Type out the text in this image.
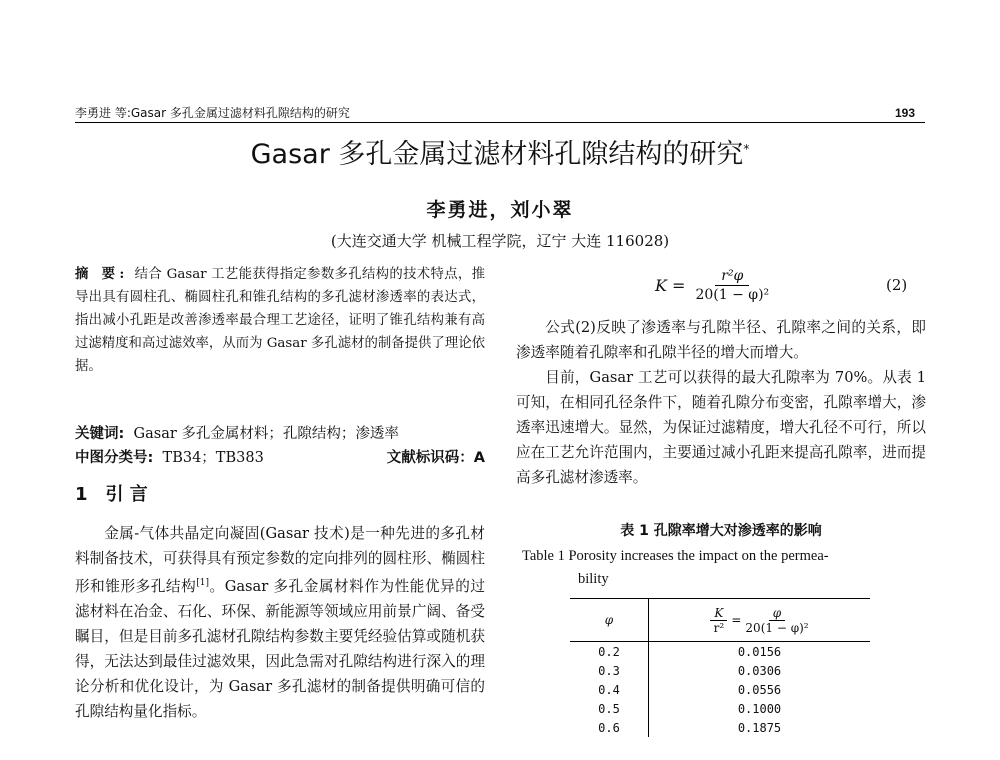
李勇进 等:Gasar 多孔金属过滤材料孔隙结构的研究	193
Gasar 多孔金属过滤材料孔隙结构的研究*
李勇进，刘小翠
(大连交通大学 机械工程学院，辽宁 大连 116028)
摘 要: 结合 Gasar 工艺能获得指定参数多孔结构的技术特点，推导出具有圆柱孔、椭圆柱孔和锥孔结构的多孔滤材渗透率的表达式，指出减小孔距是改善渗透率最合理工艺途径，证明了锥孔结构兼有高过滤精度和高过滤效率，从而为 Gasar 多孔滤材的制备提供了理论依据。
关键词: Gasar 多孔金属材料；孔隙结构；渗透率
中图分类号: TB34；TB383	文献标识码：A
1 引 言

金属-气体共晶定向凝固(Gasar 技术)是一种先进的多孔材料制备技术，可获得具有预定参数的定向排列的圆柱形、椭圆柱形和锥形多孔结构[1]。Gasar 多孔金属材料作为性能优异的过滤材料在冶金、石化、环保、新能源等领域应用前景广阔、备受瞩目，但是目前多孔滤材孔隙结构参数主要凭经验估算或随机获得，无法达到最佳过滤效果，因此急需对孔隙结构进行深入的理论分析和优化设计，为 Gasar 多孔滤材的制备提供明确可信的孔隙结构量化指标。

$K = \frac{\text{r²φ}}{\text{20(1 − φ)²}}$	(2)

公式(2)反映了渗透率与孔隙半径、孔隙率之间的关系，即渗透率随着孔隙率和孔隙半径的增大而增大。

目前，Gasar 工艺可以获得的最大孔隙率为 70%。从表 1 可知，在相同孔径条件下，随着孔隙分布变密，孔隙率增大，渗透率迅速增大。显然，为保证过滤精度，增大孔径不可行，所以应在工艺允许范围内，主要通过减小孔距来提高孔隙率，进而提高多孔滤材渗透率。

表 1 孔隙率增大对渗透率的影响
Table 1 Porosity increases the impact on the permea-
bility
φ	$\frac{K}{\text{r²}} = \frac{\varphi}{\text{20(1 − φ)²}}$

0.2	0.0156
0.3	0.0306
0.4	0.0556
0.5	0.1000
0.6	0.1875
